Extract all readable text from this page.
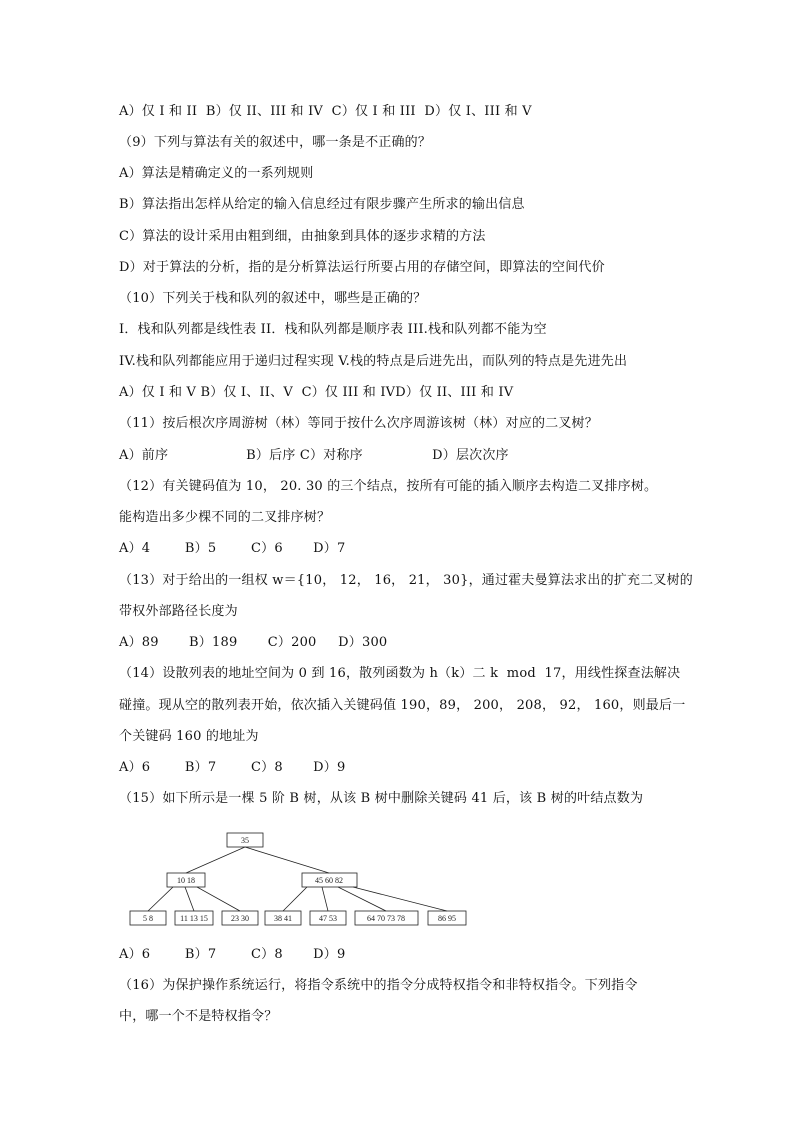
A）仅 I 和 II  B）仅 II、III 和 IV  C）仅 I 和 III  D）仅 I、III 和 V
（9）下列与算法有关的叙述中，哪一条是不正确的？
A）算法是精确定义的一系列规则
B）算法指出怎样从给定的输入信息经过有限步骤产生所求的输出信息
C）算法的设计采用由粗到细，由抽象到具体的逐步求精的方法
D）对于算法的分析，指的是分析算法运行所要占用的存储空间，即算法的空间代价
（10）下列关于栈和队列的叙述中，哪些是正确的？
I．栈和队列都是线性表 II．栈和队列都是顺序表 III.栈和队列都不能为空
IV.栈和队列都能应用于递归过程实现 V.栈的特点是后进先出，而队列的特点是先进先出
A）仅 I 和 V B）仅 I、II、V  C）仅 III 和 IVD）仅 II、III 和 IV
（11）按后根次序周游树（林）等同于按什么次序周游该树（林）对应的二叉树？
A）前序                  B）后序 C）对称序                D）层次次序
（12）有关键码值为 10， 20. 30 的三个结点，按所有可能的插入顺序去构造二叉排序树。
能构造出多少棵不同的二叉排序树？
A）4        B）5        C）6       D）7
（13）对于给出的一组权 w＝{10， 12， 16， 21， 30}，通过霍夫曼算法求出的扩充二叉树的
带权外部路径长度为
A）89       B）189       C）200     D）300
（14）设散列表的地址空间为 0 到 16，散列函数为 h（k）二 k  mod  17，用线性探查法解决
碰撞。现从空的散列表开始，依次插入关键码值 190，89， 200， 208， 92， 160，则最后一
个关键码 160 的地址为
A）6        B）7        C）8       D）9
（15）如下所示是一棵 5 阶 B 树，从该 B 树中删除关键码 41 后，该 B 树的叶结点数为
35
10 18	45 60 82
5 8	11 13 15	23 30	38 41	47 53	64 70 73 78	86 95
A）6        B）7        C）8       D）9
（16）为保护操作系统运行，将指令系统中的指令分成特权指令和非特权指令。下列指令
中，哪一个不是特权指令？
